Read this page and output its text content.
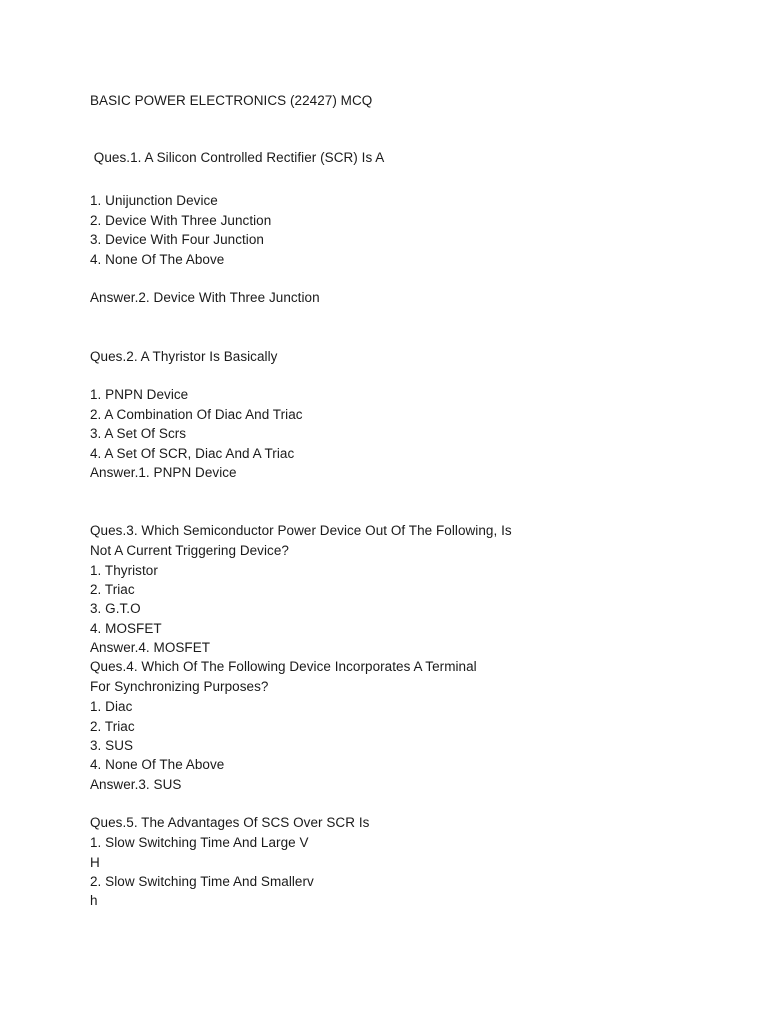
BASIC POWER ELECTRONICS (22427) MCQ
Ques.1. A Silicon Controlled Rectifier (SCR) Is A
1. Unijunction Device
2. Device With Three Junction
3. Device With Four Junction
4. None Of The Above
Answer.2. Device With Three Junction
Ques.2. A Thyristor Is Basically
1. PNPN Device
2. A Combination Of Diac And Triac
3. A Set Of Scrs
4. A Set Of SCR, Diac And A Triac
Answer.1. PNPN Device
Ques.3. Which Semiconductor Power Device Out Of The Following, Is
Not A Current Triggering Device?
1. Thyristor
2. Triac
3. G.T.O
4. MOSFET
Answer.4. MOSFET
Ques.4. Which Of The Following Device Incorporates A Terminal
For Synchronizing Purposes?
1. Diac
2. Triac
3. SUS
4. None Of The Above
Answer.3. SUS
Ques.5. The Advantages Of SCS Over SCR Is
1. Slow Switching Time And Large V
H
2. Slow Switching Time And Smallerv
h
